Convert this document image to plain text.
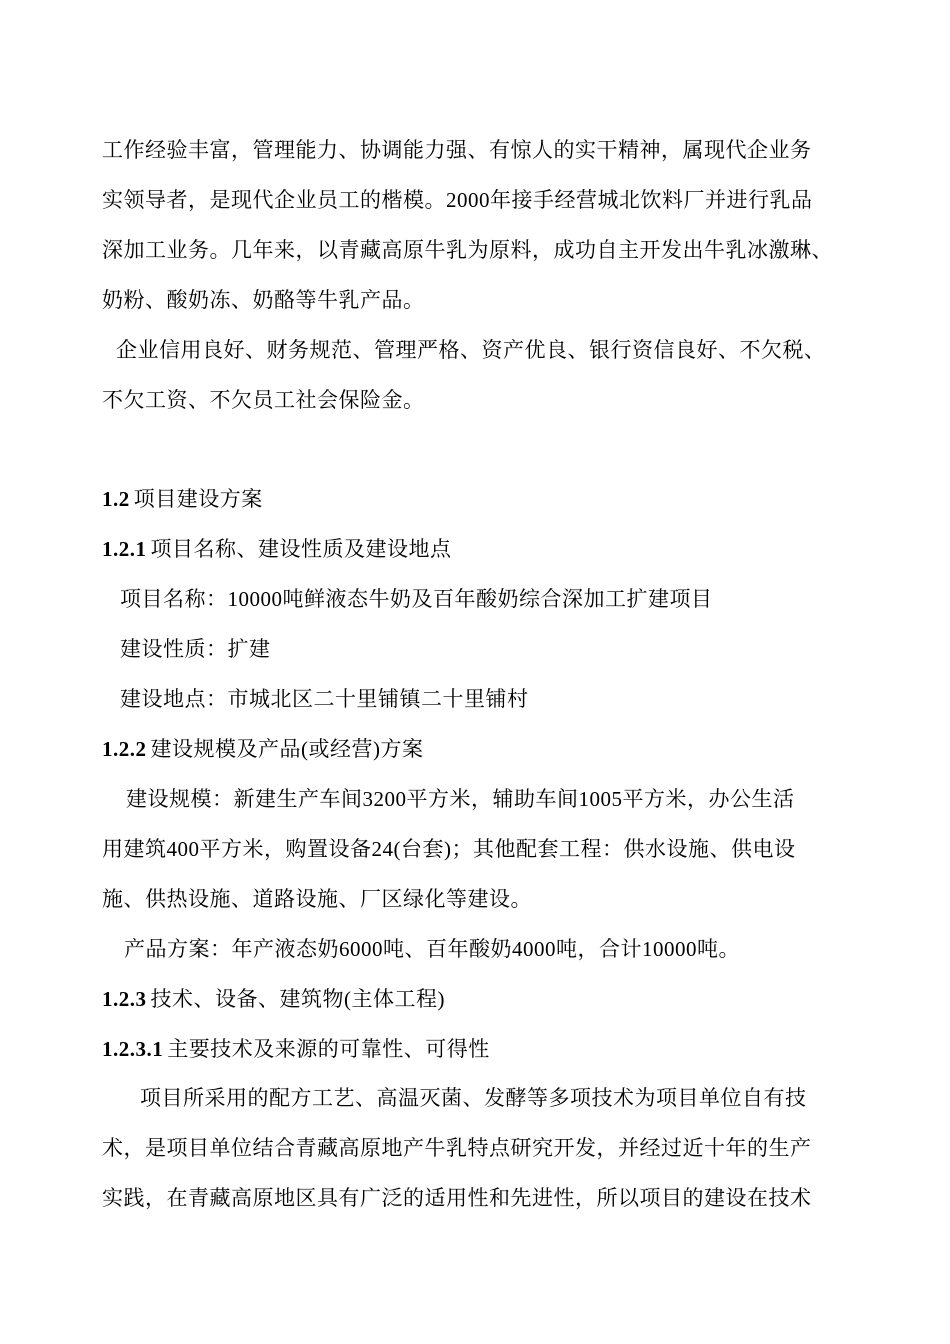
工作经验丰富，管理能力、协调能力强、有惊人的实干精神，属现代企业务
实领导者，是现代企业员工的楷模。2000年接手经营城北饮料厂并进行乳品
深加工业务。几年来，以青藏高原牛乳为原料，成功自主开发出牛乳冰激琳、
奶粉、酸奶冻、奶酪等牛乳产品。
企业信用良好、财务规范、管理严格、资产优良、银行资信良好、不欠税、
不欠工资、不欠员工社会保险金。
1.2 项目建设方案
1.2.1 项目名称、建设性质及建设地点
项目名称：10000吨鲜液态牛奶及百年酸奶综合深加工扩建项目
建设性质：扩建
建设地点：市城北区二十里铺镇二十里铺村
1.2.2 建设规模及产品(或经营)方案
建设规模：新建生产车间3200平方米，辅助车间1005平方米，办公生活
用建筑400平方米，购置设备24(台套)；其他配套工程：供水设施、供电设
施、供热设施、道路设施、厂区绿化等建设。
产品方案：年产液态奶6000吨、百年酸奶4000吨，合计10000吨。
1.2.3 技术、设备、建筑物(主体工程)
1.2.3.1 主要技术及来源的可靠性、可得性
项目所采用的配方工艺、高温灭菌、发酵等多项技术为项目单位自有技
术，是项目单位结合青藏高原地产牛乳特点研究开发，并经过近十年的生产
实践，在青藏高原地区具有广泛的适用性和先进性，所以项目的建设在技术
